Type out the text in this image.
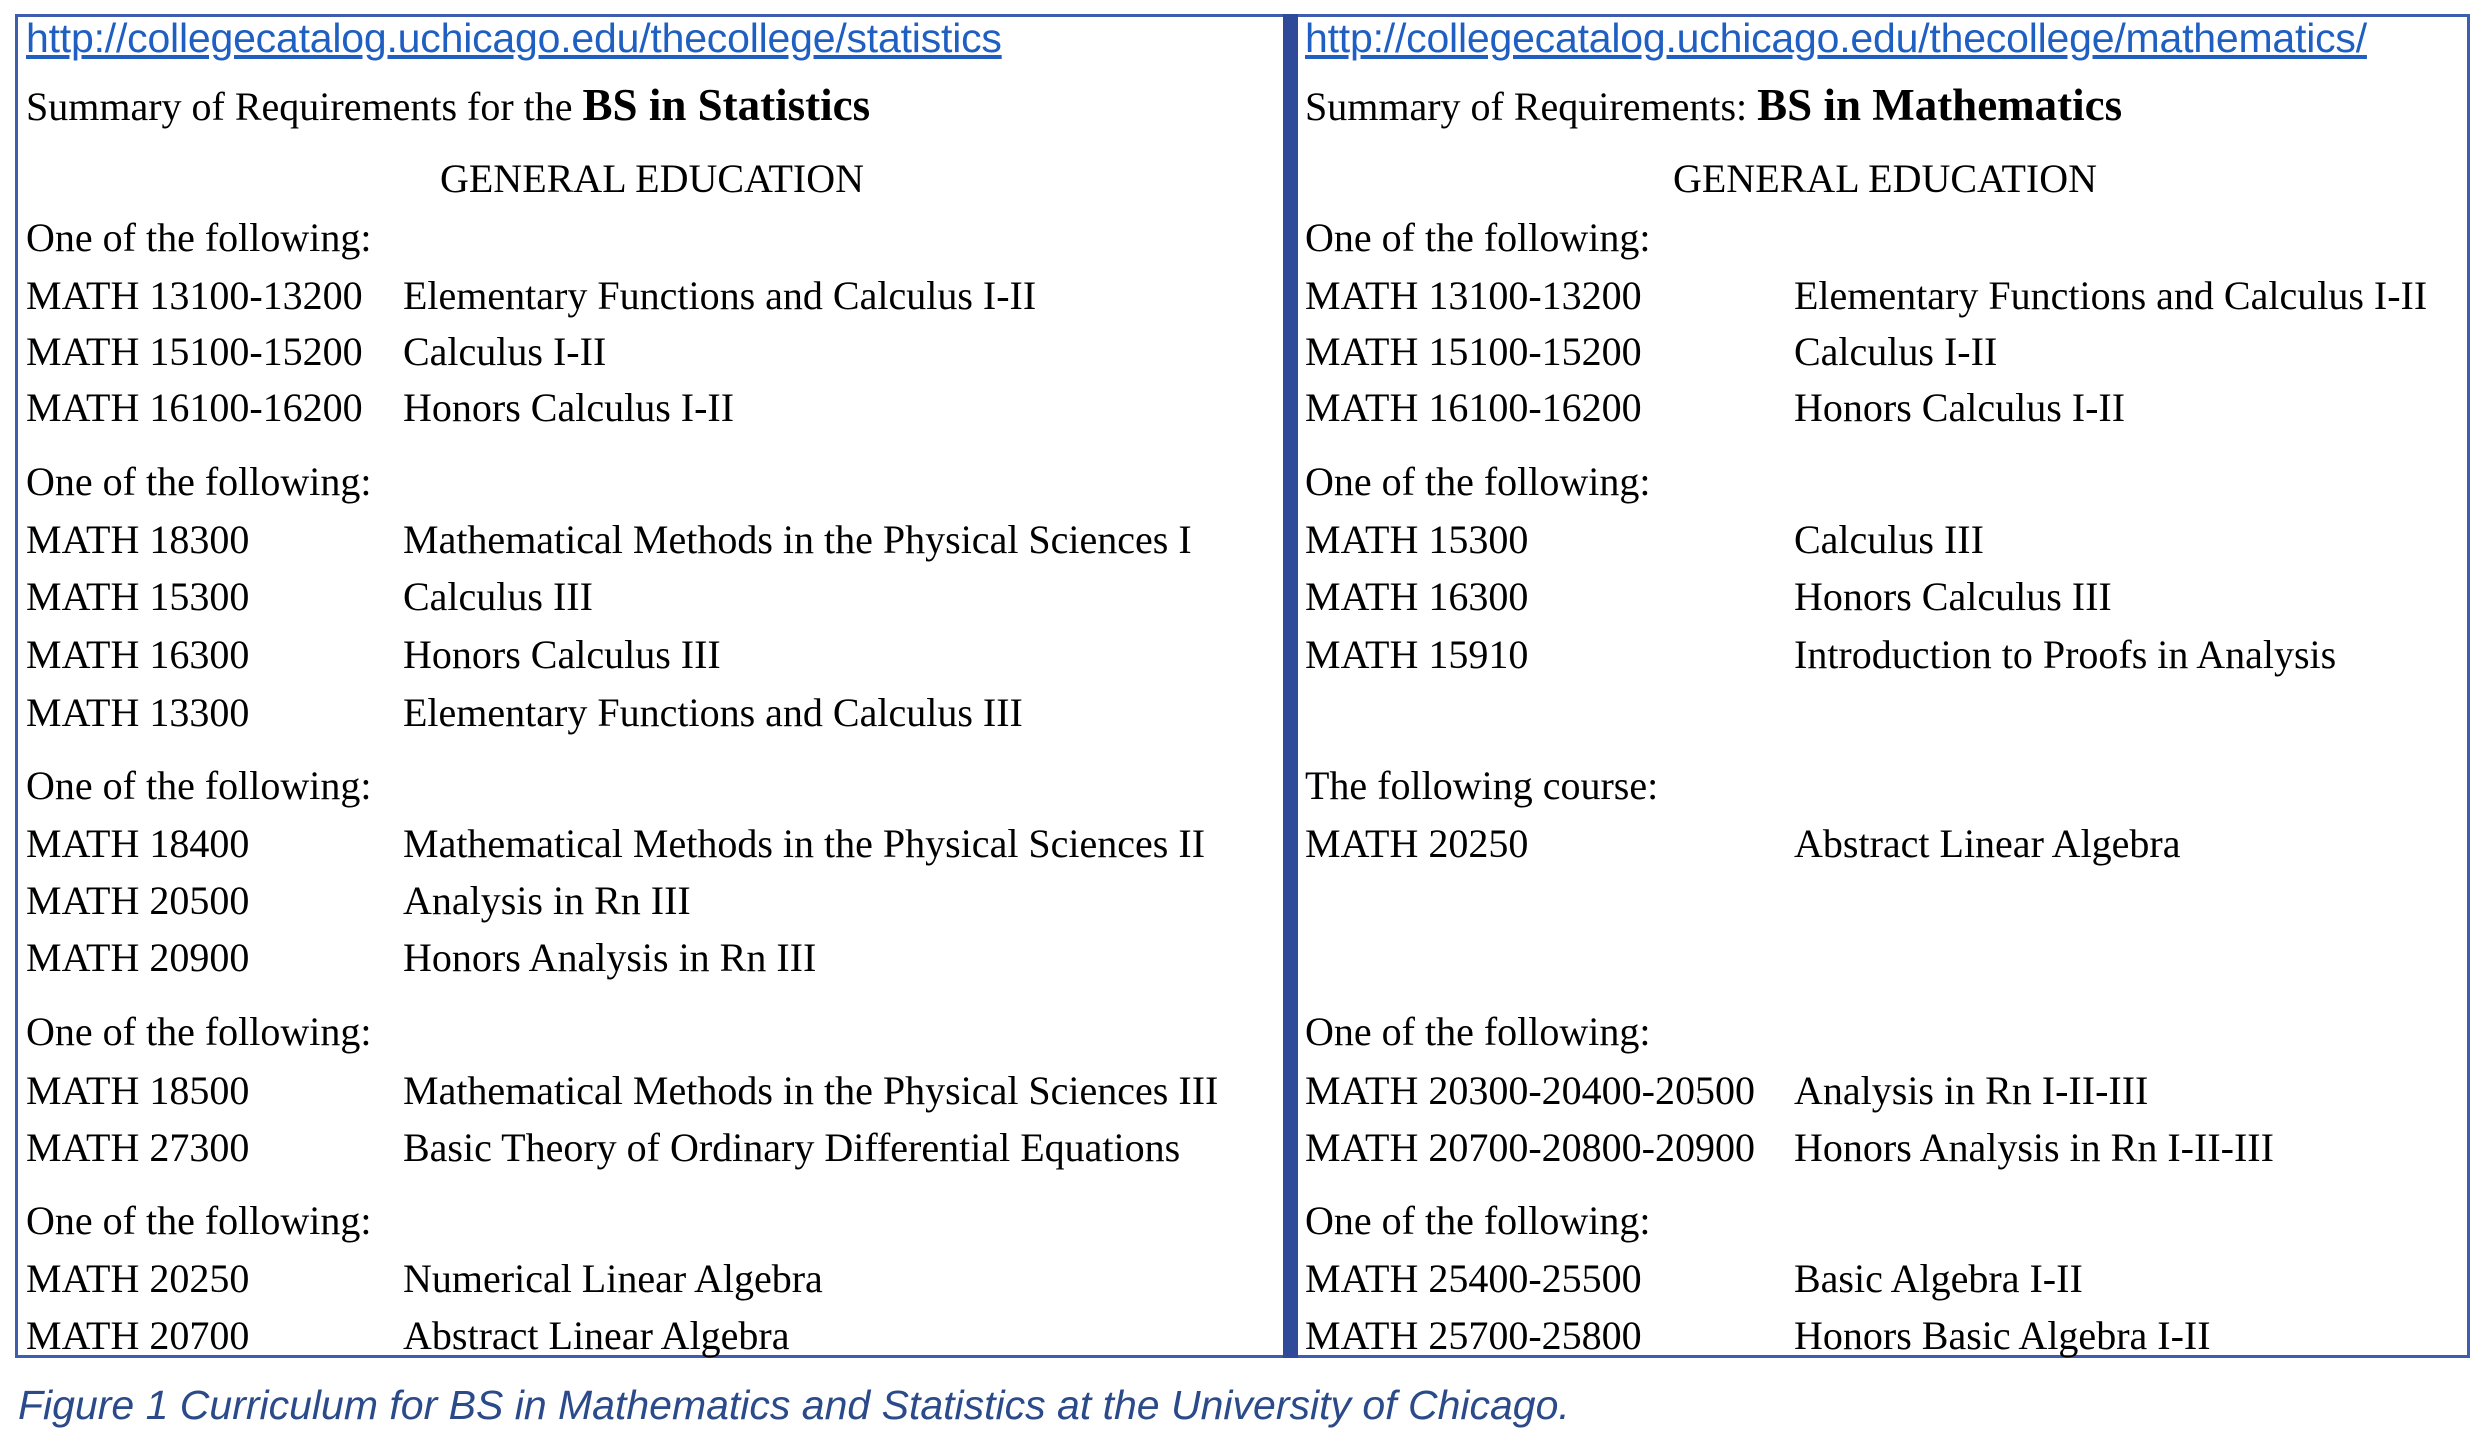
http://collegecatalog.uchicago.edu/thecollege/statistics
Summary of Requirements for the BS in Statistics
GENERAL EDUCATION
One of the following:
MATH 13100-13200 Elementary Functions and Calculus I-II
MATH 15100-15200 Calculus I-II
MATH 16100-16200 Honors Calculus I-II
One of the following:
MATH 18300	Mathematical Methods in the Physical Sciences I
MATH 15300	Calculus III
MATH 16300	Honors Calculus III
MATH 13300	Elementary Functions and Calculus III
One of the following:
MATH 18400	Mathematical Methods in the Physical Sciences II
MATH 20500	Analysis in Rn III
MATH 20900	Honors Analysis in Rn III
One of the following:
MATH 18500	Mathematical Methods in the Physical Sciences III
MATH 27300	Basic Theory of Ordinary Differential Equations
One of the following:
MATH 20250	Numerical Linear Algebra
MATH 20700	Abstract Linear Algebra
http://collegecatalog.uchicago.edu/thecollege/mathematics/
Summary of Requirements: BS in Mathematics
GENERAL EDUCATION
One of the following:
MATH 13100-13200	Elementary Functions and Calculus I-II
MATH 15100-15200	Calculus I-II
MATH 16100-16200	Honors Calculus I-II
One of the following:
MATH 15300	Calculus III
MATH 16300	Honors Calculus III
MATH 15910	Introduction to Proofs in Analysis
The following course:
MATH 20250	Abstract Linear Algebra
One of the following:
MATH 20300-20400-20500 Analysis in Rn I-II-III
MATH 20700-20800-20900 Honors Analysis in Rn I-II-III
One of the following:
MATH 25400-25500	Basic Algebra I-II
MATH 25700-25800	Honors Basic Algebra I-II
Figure 1 Curriculum for BS in Mathematics and Statistics at the University of Chicago.
